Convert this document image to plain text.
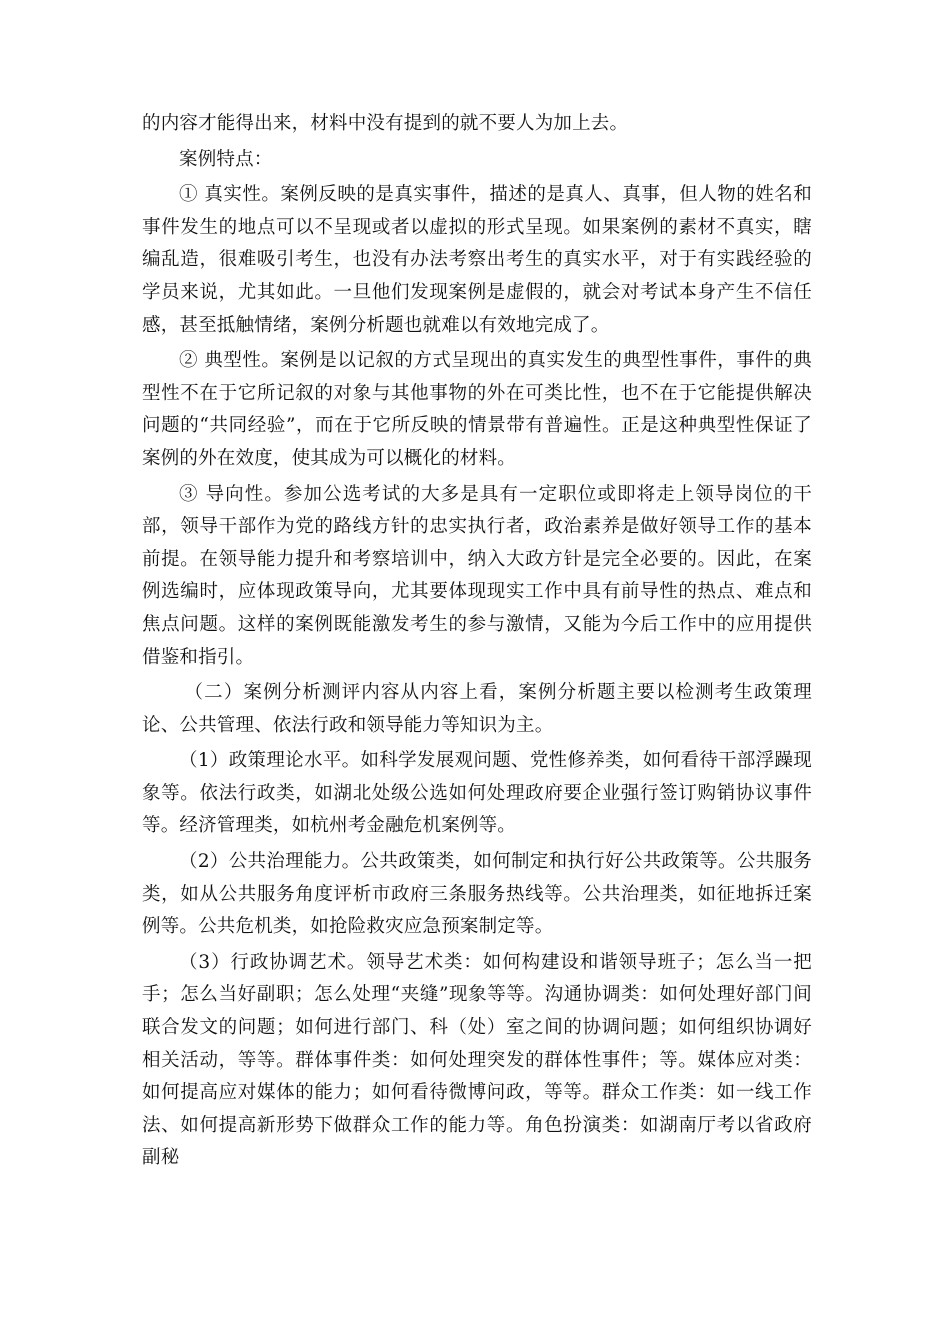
的内容才能得出来，材料中没有提到的就不要人为加上去。

案例特点：

① 真实性。案例反映的是真实事件，描述的是真人、真事，但人物的姓名和事件发生的地点可以不呈现或者以虚拟的形式呈现。如果案例的素材不真实，瞎编乱造，很难吸引考生，也没有办法考察出考生的真实水平，对于有实践经验的学员来说，尤其如此。一旦他们发现案例是虚假的，就会对考试本身产生不信任感，甚至抵触情绪，案例分析题也就难以有效地完成了。

② 典型性。案例是以记叙的方式呈现出的真实发生的典型性事件，事件的典型性不在于它所记叙的对象与其他事物的外在可类比性，也不在于它能提供解决问题的“共同经验”，而在于它所反映的情景带有普遍性。正是这种典型性保证了案例的外在效度，使其成为可以概化的材料。

③ 导向性。参加公选考试的大多是具有一定职位或即将走上领导岗位的干部，领导干部作为党的路线方针的忠实执行者，政治素养是做好领导工作的基本前提。在领导能力提升和考察培训中，纳入大政方针是完全必要的。因此，在案例选编时，应体现政策导向，尤其要体现现实工作中具有前导性的热点、难点和焦点问题。这样的案例既能激发考生的参与激情，又能为今后工作中的应用提供借鉴和指引。

（二）案例分析测评内容从内容上看，案例分析题主要以检测考生政策理论、公共管理、依法行政和领导能力等知识为主。

（1）政策理论水平。如科学发展观问题、党性修养类，如何看待干部浮躁现象等。依法行政类，如湖北处级公选如何处理政府要企业强行签订购销协议事件等。经济管理类，如杭州考金融危机案例等。

（2）公共治理能力。公共政策类，如何制定和执行好公共政策等。公共服务类，如从公共服务角度评析市政府三条服务热线等。公共治理类，如征地拆迁案例等。公共危机类，如抢险救灾应急预案制定等。

（3）行政协调艺术。领导艺术类：如何构建设和谐领导班子；怎么当一把手；怎么当好副职；怎么处理“夹缝”现象等等。沟通协调类：如何处理好部门间联合发文的问题；如何进行部门、科（处）室之间的协调问题；如何组织协调好相关活动，等等。群体事件类：如何处理突发的群体性事件；等。媒体应对类：如何提高应对媒体的能力；如何看待微博问政，等等。群众工作类：如一线工作法、如何提高新形势下做群众工作的能力等。角色扮演类：如湖南厅考以省政府副秘
